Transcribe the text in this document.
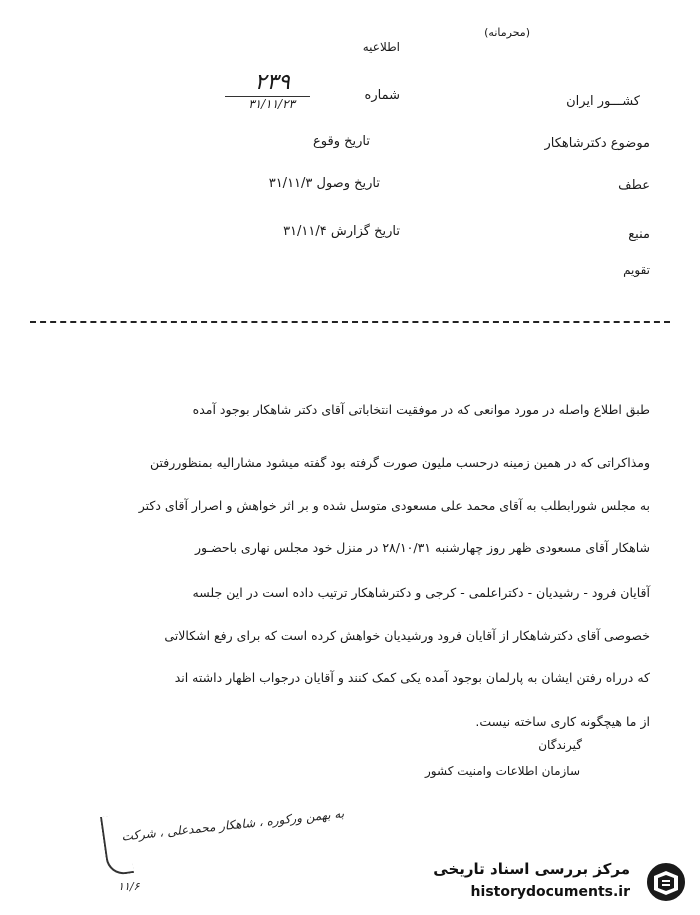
(محرمانه)
اطلاعیه
شماره
۲۳۹
۳۱/۱۱/۲۳	کشـــور ایران
موضوع دکترشاهکار
تاریخ وقوع
عطف
تاریخ وصول ۳۱/۱۱/۳
منبع
تاریخ گزارش ۳۱/۱۱/۴
تقویم
طبق اطلاع واصله در مورد موانعی که در موفقیت انتخاباتی آقای دکتر شاهکار بوجود آمده
ومذاکراتی که در همین زمینه درحسب ملیون صورت گرفته بود گفته میشود مشارالیه بمنظوررفتن
به مجلس شورابطلب به آقای محمد علی مسعودی متوسل شده و بر اثر خواهش و اصرار آقای دکتر
شاهکار آقای مسعودی ظهر روز چهارشنبه ۲۸/۱۰/۳۱ در منزل خود مجلس نهاری باحضـور
آقایان فرود - رشیدیان - دکتراعلمی - کرجی و دکترشاهکار ترتیب داده است در این جلسه
خصوصی آقای دکترشاهکار از آقایان فرود ورشیدیان خواهش کرده است که برای رفع اشکالاتی
که درراه رفتن ایشان به پارلمان بوجود آمده یکی کمک کنند و آقایان درجواب اظهار داشته اند
از ما هیچگونه کاری ساخته نیست.
گیرندگان
سازمان اطلاعات وامنیت کشور
به بهمن ورکوره ، شاهکار محمدعلی ، شرکت
۱۱/۶
مرکز بررسی اسناد تاریخی
historydocuments.ir
